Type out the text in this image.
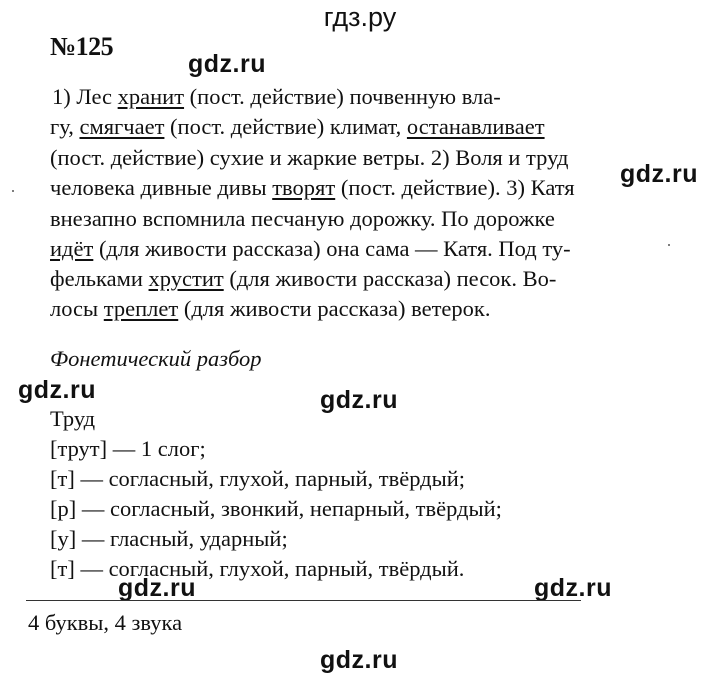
гдз.ру
№125
gdz.ru
gdz.ru
gdz.ru	gdz.ru
gdz.ru	gdz.ru
gdz.ru
1) Лес хранит (пост. действие) почвенную вла-
гу, смягчает (пост. действие) климат, останавливает
(пост. действие) сухие и жаркие ветры. 2) Воля и труд
человека дивные дивы творят (пост. действие). 3) Катя
внезапно вспомнила песчаную дорожку. По дорожке
идёт (для живости рассказа) она сама — Катя. Под ту-
фельками хрустит (для живости рассказа) песок. Во-
лосы треплет (для живости рассказа) ветерок.
Фонетический разбор
Труд
[трут] — 1 слог;
[т] — согласный, глухой, парный, твёрдый;
[р] — согласный, звонкий, непарный, твёрдый;
[у] — гласный, ударный;
[т] — согласный, глухой, парный, твёрдый.
4 буквы, 4 звука
